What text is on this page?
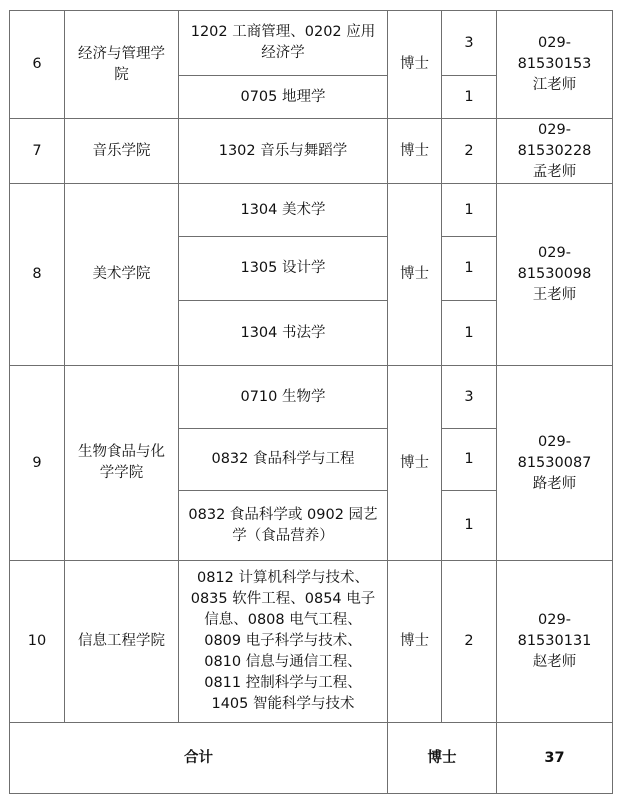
6	经济与管理学院	1202 工商管理、0202 应用经济学	博士	3	029-81530153
江老师
		0705 地理学		1	
7	音乐学院	1302 音乐与舞蹈学	博士	2	029-81530228
孟老师
8	美术学院	1304 美术学	博士	1	029-81530098
王老师
		1305 设计学		1	
		1304 书法学		1	
9	生物食品与化学学院	0710 生物学	博士	3	029-81530087
路老师
		0832 食品科学与工程		1	
		0832 食品科学或 0902 园艺学（食品营养）		1	
10	信息工程学院	0812 计算机科学与技术、0835 软件工程、0854 电子信息、0808 电气工程、0809 电子科学与技术、0810 信息与通信工程、0811 控制科学与工程、1405 智能科学与技术	博士	2	029-81530131
赵老师
合计			博士		37
